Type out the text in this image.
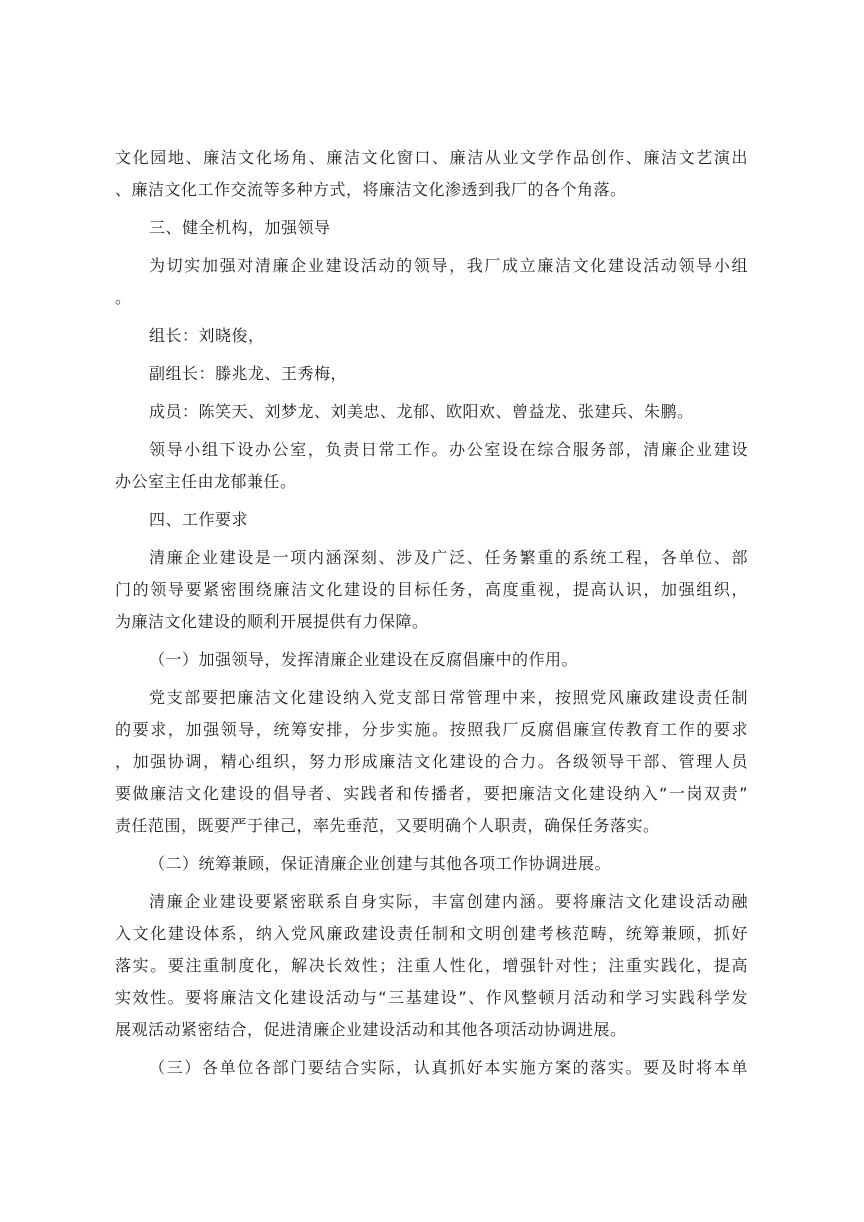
文化园地、廉洁文化场角、廉洁文化窗口、廉洁从业文学作品创作、廉洁文艺演出
、廉洁文化工作交流等多种方式，将廉洁文化渗透到我厂的各个角落。
三、健全机构，加强领导
为切实加强对清廉企业建设活动的领导，我厂成立廉洁文化建设活动领导小组
。
组长：刘晓俊，
副组长：滕兆龙、王秀梅，
成员：陈笑天、刘梦龙、刘美忠、龙郁、欧阳欢、曾益龙、张建兵、朱鹏。
领导小组下设办公室，负责日常工作。办公室设在综合服务部，清廉企业建设
办公室主任由龙郁兼任。
四、工作要求
清廉企业建设是一项内涵深刻、涉及广泛、任务繁重的系统工程，各单位、部
门的领导要紧密围绕廉洁文化建设的目标任务，高度重视，提高认识，加强组织，
为廉洁文化建设的顺利开展提供有力保障。
（一）加强领导，发挥清廉企业建设在反腐倡廉中的作用。
党支部要把廉洁文化建设纳入党支部日常管理中来，按照党风廉政建设责任制
的要求，加强领导，统筹安排，分步实施。按照我厂反腐倡廉宣传教育工作的要求
，加强协调，精心组织，努力形成廉洁文化建设的合力。各级领导干部、管理人员
要做廉洁文化建设的倡导者、实践者和传播者，要把廉洁文化建设纳入“一岗双责”
责任范围，既要严于律己，率先垂范，又要明确个人职责，确保任务落实。
（二）统筹兼顾，保证清廉企业创建与其他各项工作协调进展。
清廉企业建设要紧密联系自身实际，丰富创建内涵。要将廉洁文化建设活动融
入文化建设体系，纳入党风廉政建设责任制和文明创建考核范畴，统筹兼顾，抓好
落实。要注重制度化，解决长效性；注重人性化，增强针对性；注重实践化，提高
实效性。要将廉洁文化建设活动与“三基建设”、作风整顿月活动和学习实践科学发
展观活动紧密结合，促进清廉企业建设活动和其他各项活动协调进展。
（三）各单位各部门要结合实际，认真抓好本实施方案的落实。要及时将本单
